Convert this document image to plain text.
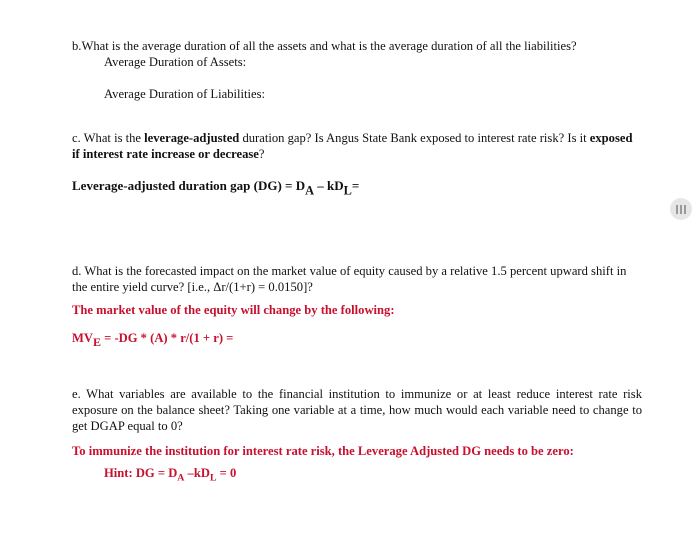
b.What is the average duration of all the assets and what is the average duration of all the liabilities?

Average Duration of Assets:

Average Duration of Liabilities:

c. What is the leverage-adjusted duration gap? Is Angus State Bank exposed to interest rate risk? Is it exposed if interest rate increase or decrease?

Leverage-adjusted duration gap (DG) = DA – kDL=

d. What is the forecasted impact on the market value of equity caused by a relative 1.5 percent upward shift in the entire yield curve? [i.e., Δr/(1+r) = 0.0150]?

The market value of the equity will change by the following:

MVE = -DG * (A) * r/(1 + r) =

e. What variables are available to the financial institution to immunize or at least reduce interest rate risk exposure on the balance sheet? Taking one variable at a time, how much would each variable need to change to get DGAP equal to 0?

To immunize the institution for interest rate risk, the Leverage Adjusted DG needs to be zero:

Hint: DG = $D_A$ $-kD_L = 0$
